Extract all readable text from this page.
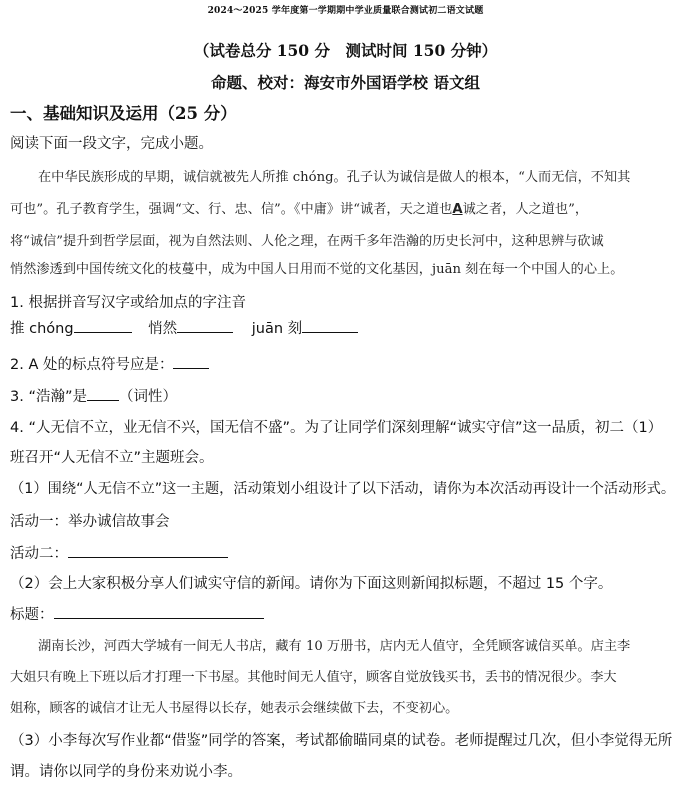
2024～2025 学年度第一学期期中学业质量联合测试初二语文试题
（试卷总分 150 分　测试时间 150 分钟）
命题、校对：海安市外国语学校 语文组
一、基础知识及运用（25 分）
阅读下面一段文字，完成小题。
在中华民族形成的早期，诚信就被先人所推 chóng。孔子认为诚信是做人的根本，“人而无信，不知其
可也”。孔子教育学生，强调“文、行、忠、信”。《中庸》讲“诚者，天之道也A诚之者，人之道也”，
将“诚信”提升到哲学层面，视为自然法则、人伦之理，在两千多年浩瀚的历史长河中，这种思辨与砍诚
悄然渗透到中国传统文化的枝蔓中，成为中国人日用而不觉的文化基因，juān 刻在每一个中国人的心上。
1. 根据拼音写汉字或给加点的字注音
推 chóng	悄然	juān 刻
2. A 处的标点符号应是：
3. “浩瀚”是 （词性）
4. “人无信不立，业无信不兴，国无信不盛”。为了让同学们深刻理解“诚实守信”这一品质，初二（1）
班召开“人无信不立”主题班会。
（1）围绕“人无信不立”这一主题，活动策划小组设计了以下活动，请你为本次活动再设计一个活动形式。
活动一：举办诚信故事会
活动二：
（2）会上大家积极分享人们诚实守信的新闻。请你为下面这则新闻拟标题，不超过 15 个字。
标题：
湖南长沙，河西大学城有一间无人书店，藏有 10 万册书，店内无人值守，全凭顾客诚信买单。店主李
大姐只有晚上下班以后才打理一下书屋。其他时间无人值守，顾客自觉放钱买书，丢书的情况很少。李大
姐称，顾客的诚信才让无人书屋得以长存，她表示会继续做下去，不变初心。
（3）小李每次写作业都“借鉴”同学的答案，考试都偷瞄同桌的试卷。老师提醒过几次，但小李觉得无所
谓。请你以同学的身份来劝说小李。
